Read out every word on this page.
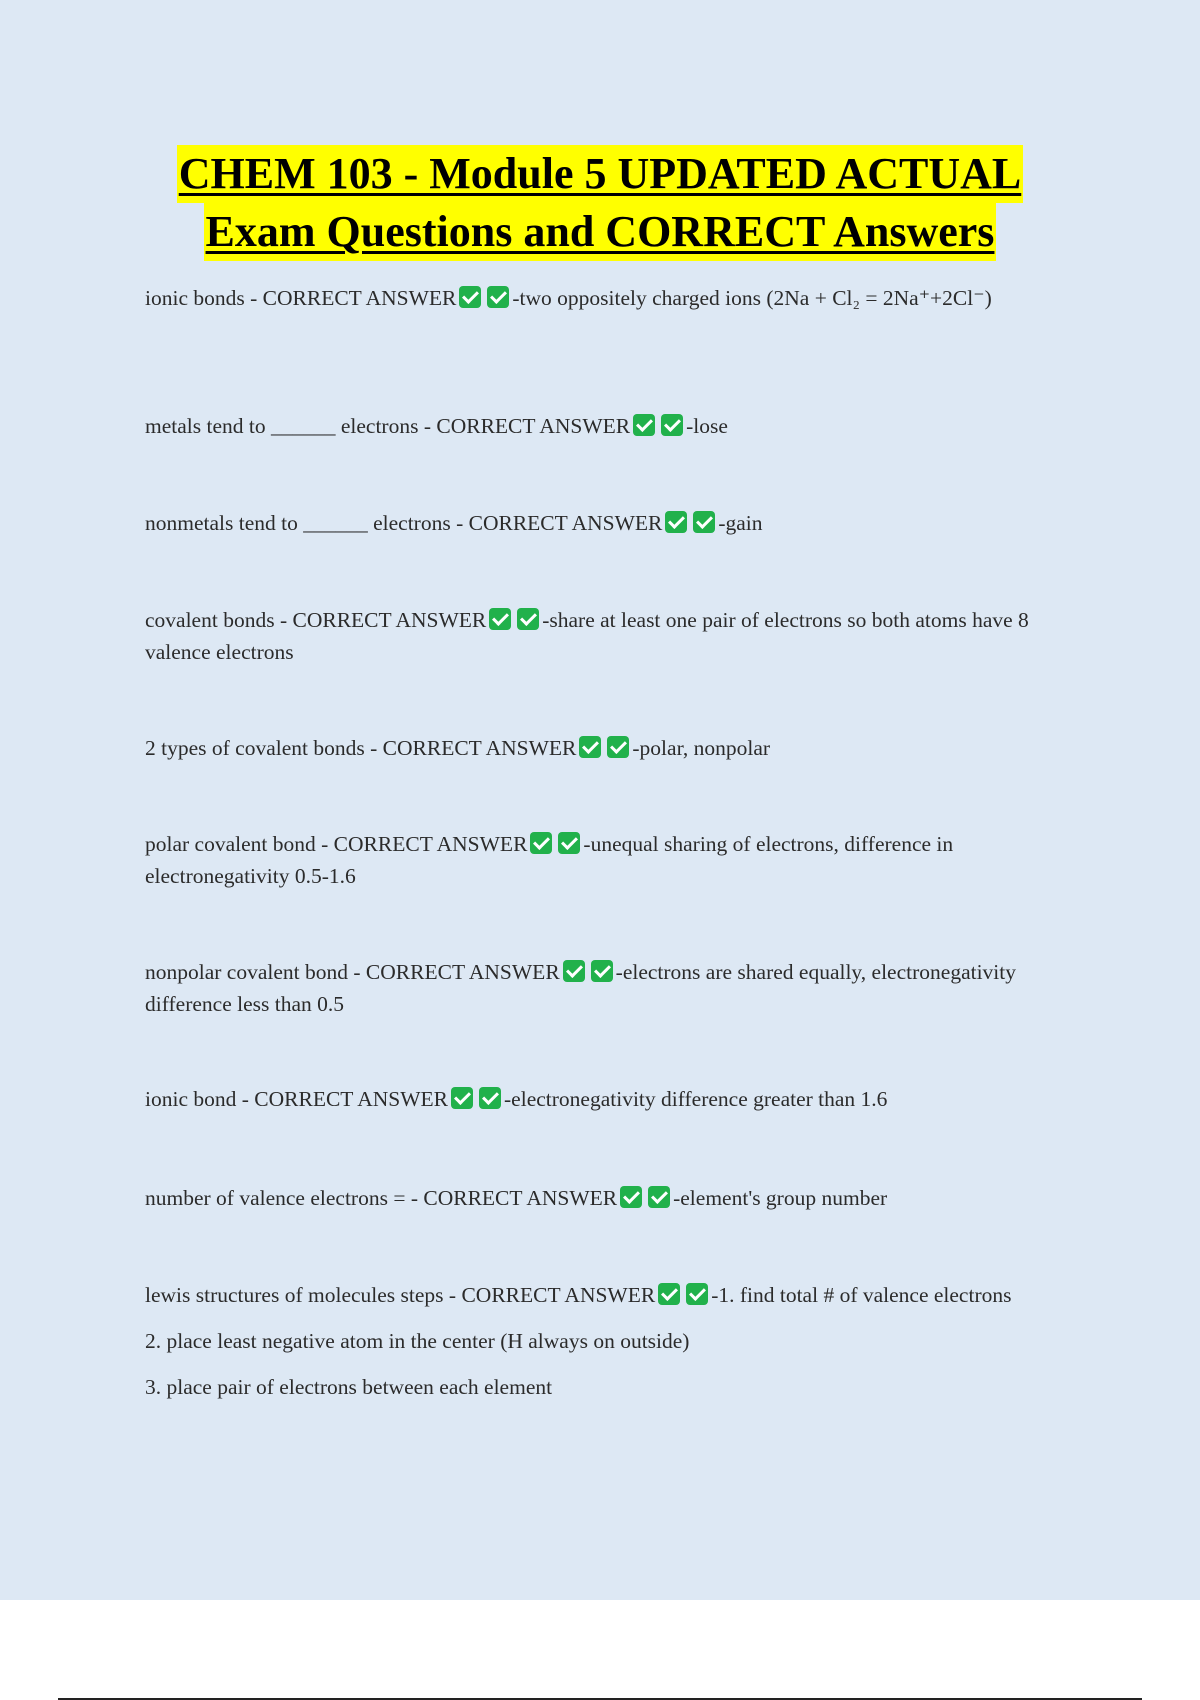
CHEM 103 - Module 5 UPDATED ACTUAL
Exam Questions and CORRECT Answers
ionic bonds - CORRECT ANSWER	-two oppositely charged ions (2Na + Cl₂ = 2Na⁺+2Cl⁻)
metals tend to ______ electrons - CORRECT ANSWER	-lose
nonmetals tend to ______ electrons - CORRECT ANSWER	-gain
covalent bonds - CORRECT ANSWER	-share at least one pair of electrons so both atoms have 8 valence electrons
2 types of covalent bonds - CORRECT ANSWER	-polar, nonpolar
polar covalent bond - CORRECT ANSWER	-unequal sharing of electrons, difference in electronegativity 0.5-1.6
nonpolar covalent bond - CORRECT ANSWER	-electrons are shared equally, electronegativity difference less than 0.5
ionic bond - CORRECT ANSWER	-electronegativity difference greater than 1.6
number of valence electrons = - CORRECT ANSWER	-element's group number
lewis structures of molecules steps - CORRECT ANSWER	-1. find total # of valence electrons
2. place least negative atom in the center (H always on outside)
3. place pair of electrons between each element
